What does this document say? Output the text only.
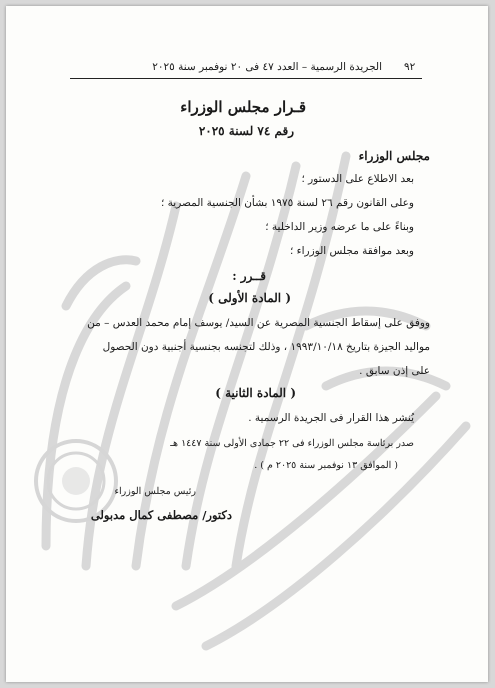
٩٢
الجريدة الرسمية – العدد ٤٧ فى ٢٠ نوفمبر سنة ٢٠٢٥
قـرار مجلس الوزراء
رقم ٧٤ لسنة ٢٠٢٥
مجلس الوزراء
بعد الاطلاع على الدستور ؛
وعلى القانون رقم ٢٦ لسنة ١٩٧٥ بشأن الجنسية المصرية ؛
وبناءً على ما عرضه وزير الداخلية ؛
وبعد موافقة مجلس الوزراء ؛
قــرر :
( المادة الأولى )
ووفق على إسقاط الجنسية المصرية عن السيد/ يوسف إمام محمد العدس – من
مواليد الجيزة بتاريخ ١٩٩٣/١٠/١٨ ، وذلك لتجنسه بجنسية أجنبية دون الحصول
على إذن سابق .
( المادة الثانية )
يُنشر هذا القرار فى الجريدة الرسمية .
صدر برئاسة مجلس الوزراء فى ٢٢ جمادى الأولى سنة ١٤٤٧ هـ
( الموافق ١٣ نوفمبر سنة ٢٠٢٥ م ) .
رئيس مجلس الوزراء
دكتور/ مصطفى كمال مدبولى
